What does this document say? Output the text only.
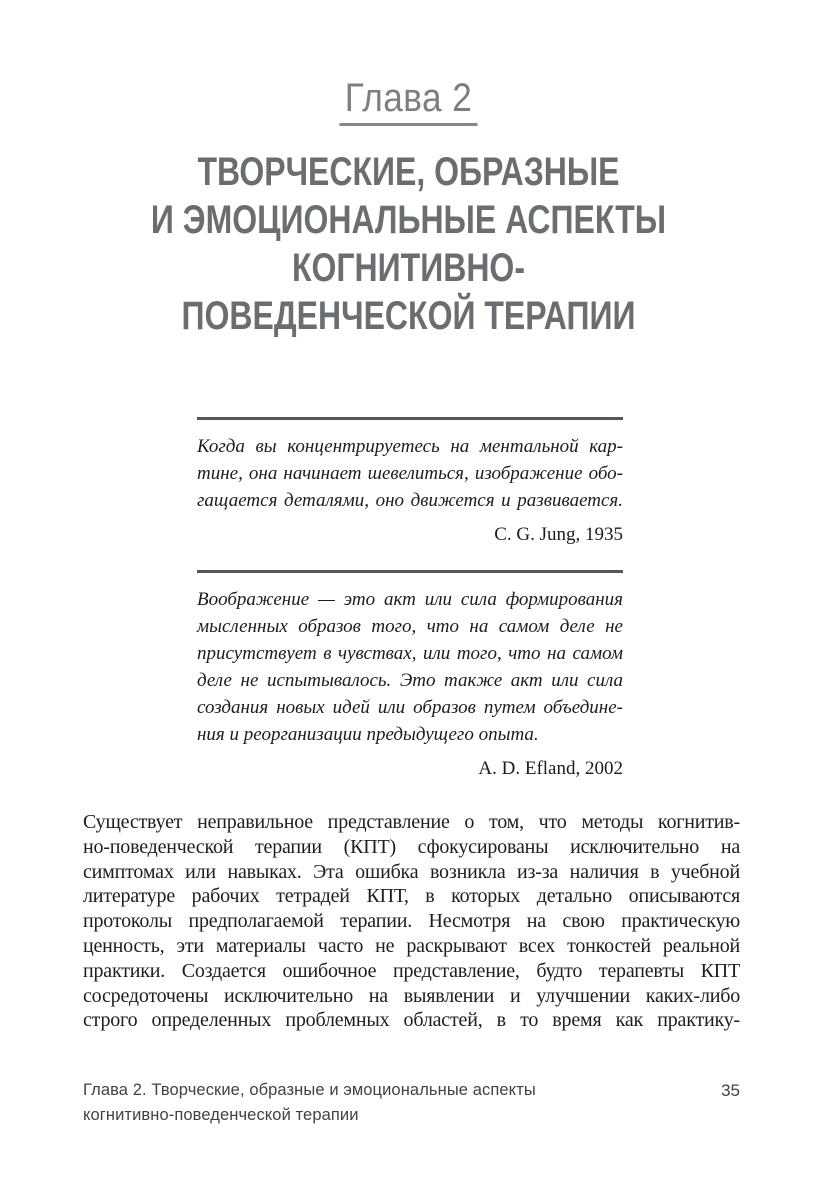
Глава 2
ТВОРЧЕСКИЕ, ОБРАЗНЫЕ
И ЭМОЦИОНАЛЬНЫЕ АСПЕКТЫ
КОГНИТИВНО-
ПОВЕДЕНЧЕСКОЙ ТЕРАПИИ
Когда вы концентрируетесь на ментальной кар-
тине, она начинает шевелиться, изображение обо-
гащается деталями, оно движется и развивается.
C. G. Jung, 1935
Воображение — это акт или сила формирования
мысленных образов того, что на самом деле не
присутствует в чувствах, или того, что на самом
деле не испытывалось. Это также акт или сила
создания новых идей или образов путем объедине-
ния и реорганизации предыдущего опыта.
A. D. Efland, 2002
Существует неправильное представление о том, что методы когнитив-
но-поведенческой терапии (КПТ) сфокусированы исключительно на
симптомах или навыках. Эта ошибка возникла из-за наличия в учебной
литературе рабочих тетрадей КПТ, в которых детально описываются
протоколы предполагаемой терапии. Несмотря на свою практическую
ценность, эти материалы часто не раскрывают всех тонкостей реальной
практики. Создается ошибочное представление, будто терапевты КПТ
сосредоточены исключительно на выявлении и улучшении каких-либо
строго определенных проблемных областей, в то время как практику-
Глава 2. Творческие, образные и эмоциональные аспекты
когнитивно-поведенческой терапии
35
